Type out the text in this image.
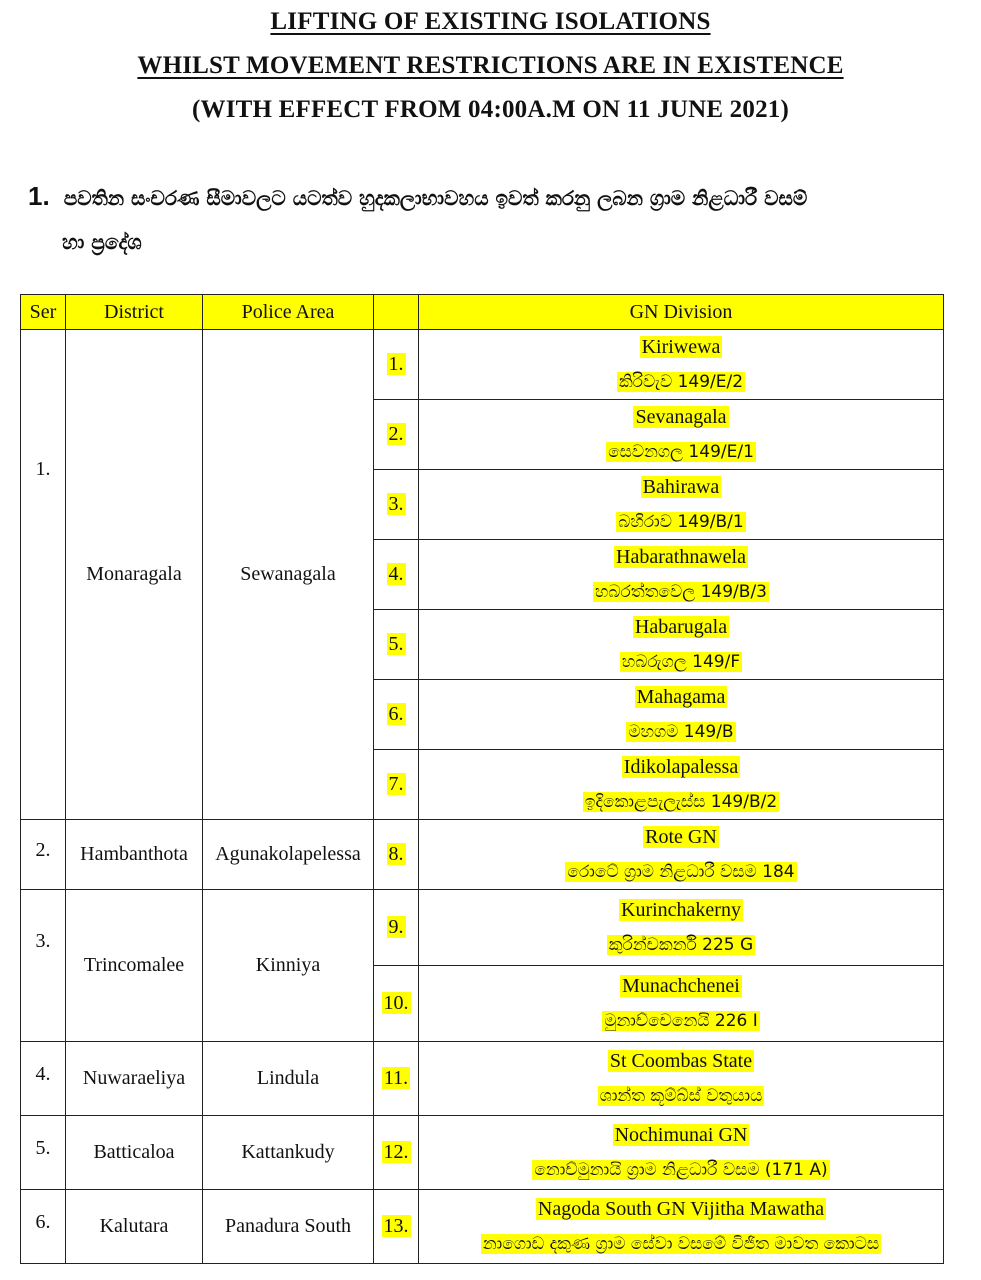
LIFTING OF EXISTING ISOLATIONS
WHILST MOVEMENT RESTRICTIONS ARE IN EXISTENCE
(WITH EFFECT FROM 04:00A.M ON 11 JUNE 2021)
1. පවතින සංචරණ සීමාවලට යටත්ව හුදකලාභාවහය ඉවත් කරනු ලබන ග්‍රාම නිළධාරී වසම්
හා ප්‍රදේශ
Ser	District	Police Area		GN Division
1.	Monaragala	Sewanagala	1.	Kiriwewa
කිරිවැව 149/E/2

			2.	Sevanagala
සෙවනගල 149/E/1

			3.	Bahirawa
බහිරාව 149/B/1

			4.	Habarathnawela
හබරත්තවෙල 149/B/3

			5.	Habarugala
හබරුගල 149/F

			6.	Mahagama
මහගම 149/B

			7.	Idikolapalessa
ඉදිකොළපැලැස්ස 149/B/2

2.	Hambanthota	Agunakolapelessa	8.	Rote GN
රොටේ ග්‍රාම නිළධාරී වසම 184

3.	Trincomalee	Kinniya	9.	Kurinchakerny
කුරින්චකර්නි 225 G

			10.	Munachchenei
මුනාච්චෙනෙයි 226 I

4.	Nuwaraeliya	Lindula	11.	St Coombas State
ශාන්ත කූම්බ්ස් වතුයාය

5.	Batticaloa	Kattankudy	12.	Nochimunai GN
නොච්මුනායි ග්‍රාම නිළධාරී වසම (171 A)

6.	Kalutara	Panadura South	13.	Nagoda South GN Vijitha Mawatha
නාගොඩ දකුණ ග්‍රාම සේවා වසමේ විජිත මාවත කොටස
